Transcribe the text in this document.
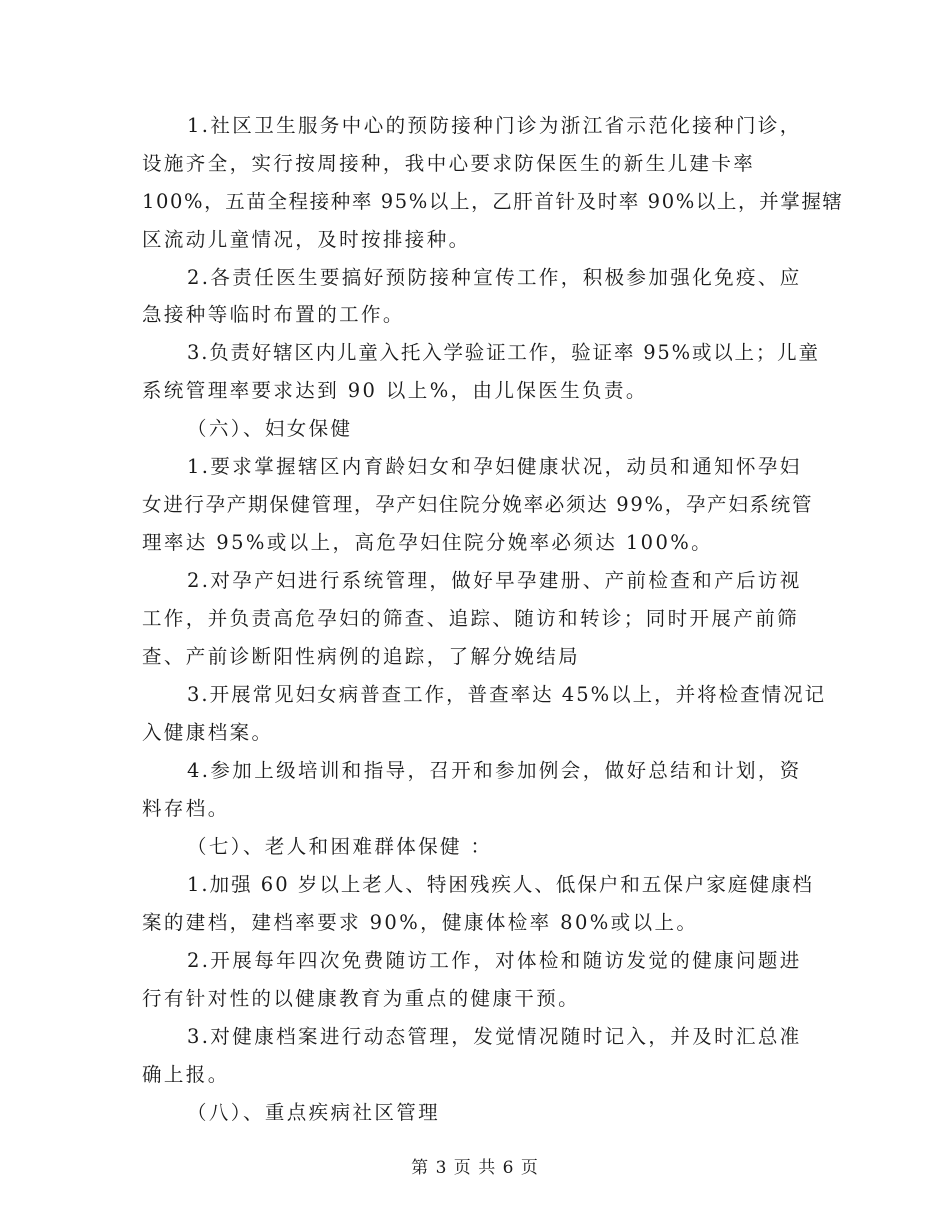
1.社区卫生服务中心的预防接种门诊为浙江省示范化接种门诊，
设施齐全，实行按周接种，我中心要求防保医生的新生儿建卡率
100%，五苗全程接种率 95%以上，乙肝首针及时率 90%以上，并掌握辖
区流动儿童情况，及时按排接种。
2.各责任医生要搞好预防接种宣传工作，积极参加强化免疫、应
急接种等临时布置的工作。
3.负责好辖区内儿童入托入学验证工作，验证率 95%或以上；儿童
系统管理率要求达到 90 以上%，由儿保医生负责。
（六）、妇女保健
1.要求掌握辖区内育龄妇女和孕妇健康状况，动员和通知怀孕妇
女进行孕产期保健管理，孕产妇住院分娩率必须达 99%，孕产妇系统管
理率达 95%或以上，高危孕妇住院分娩率必须达 100%。
2.对孕产妇进行系统管理，做好早孕建册、产前检查和产后访视
工作，并负责高危孕妇的筛查、追踪、随访和转诊；同时开展产前筛
查、产前诊断阳性病例的追踪，了解分娩结局
3.开展常见妇女病普查工作，普查率达 45%以上，并将检查情况记
入健康档案。
4.参加上级培训和指导，召开和参加例会，做好总结和计划，资
料存档。
（七）、老人和困难群体保健 ：
1.加强 60 岁以上老人、特困残疾人、低保户和五保户家庭健康档
案的建档，建档率要求 90%，健康体检率 80%或以上。
2.开展每年四次免费随访工作，对体检和随访发觉的健康问题进
行有针对性的以健康教育为重点的健康干预。
3.对健康档案进行动态管理，发觉情况随时记入，并及时汇总准
确上报。
（八）、重点疾病社区管理
第 3 页 共 6 页
